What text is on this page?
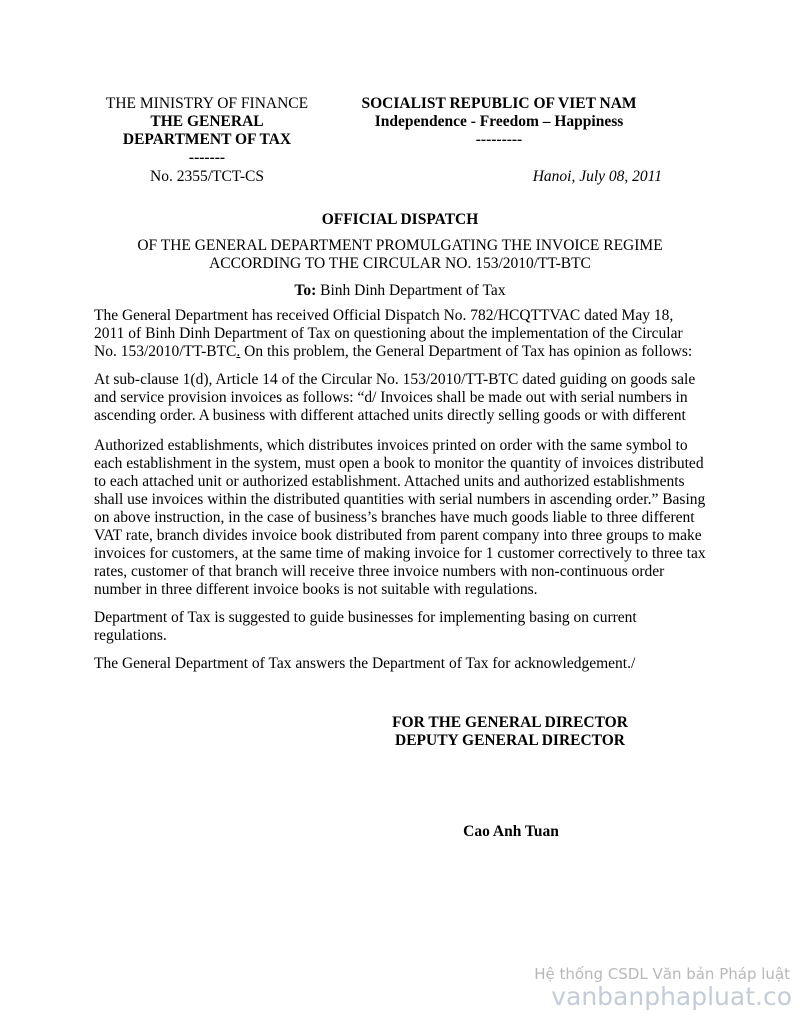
THE MINISTRY OF FINANCE
THE GENERAL
DEPARTMENT OF TAX
-------
SOCIALIST REPUBLIC OF VIET NAM
Independence - Freedom – Happiness
---------
No. 2355/TCT-CS	Hanoi, July 08, 2011
OFFICIAL DISPATCH
OF THE GENERAL DEPARTMENT PROMULGATING THE INVOICE REGIME ACCORDING TO THE CIRCULAR NO. 153/2010/TT-BTC
To: Binh Dinh Department of Tax

The General Department has received Official Dispatch No. 782/HCQTTVAC dated May 18, 2011 of Binh Dinh Department of Tax on questioning about the implementation of the Circular No. 153/2010/TT-BTC. On this problem, the General Department of Tax has opinion as follows:

At sub-clause 1(d), Article 14 of the Circular No. 153/2010/TT-BTC dated guiding on goods sale and service provision invoices as follows: “d/ Invoices shall be made out with serial numbers in ascending order. A business with different attached units directly selling goods or with different

Authorized establishments, which distributes invoices printed on order with the same symbol to each establishment in the system, must open a book to monitor the quantity of invoices distributed to each attached unit or authorized establishment. Attached units and authorized establishments shall use invoices within the distributed quantities with serial numbers in ascending order.” Basing on above instruction, in the case of business’s branches have much goods liable to three different VAT rate, branch divides invoice book distributed from parent company into three groups to make invoices for customers, at the same time of making invoice for 1 customer correctively to three tax rates, customer of that branch will receive three invoice numbers with non-continuous order number in three different invoice books is not suitable with regulations.

Department of Tax is suggested to guide businesses for implementing basing on current regulations.

The General Department of Tax answers the Department of Tax for acknowledgement./

FOR THE GENERAL DIRECTOR
DEPUTY GENERAL DIRECTOR
Cao Anh Tuan
Hệ thống CSDL Văn bản Pháp luật
vanbanphapluat.co
